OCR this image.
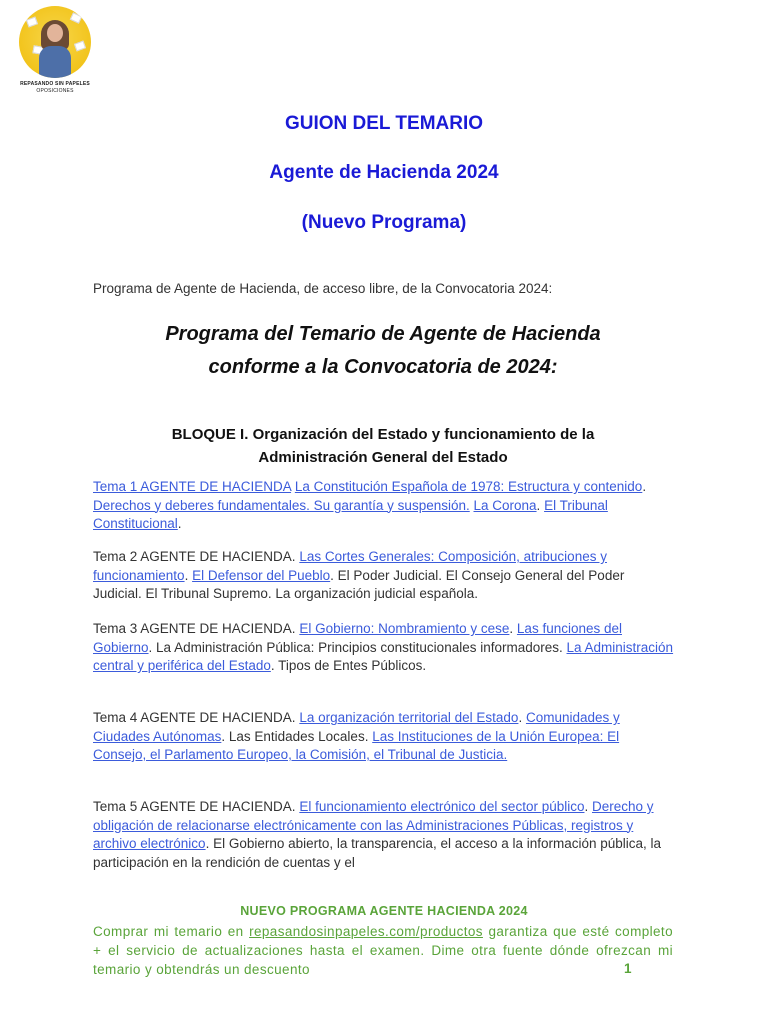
REPASANDO SIN PAPELES
OPOSICIONES
GUION DEL TEMARIO
Agente de Hacienda 2024
(Nuevo Programa)
Programa de Agente de Hacienda, de acceso libre, de la Convocatoria 2024:
Programa del Temario de Agente de Hacienda
conforme a la Convocatoria de 2024:
BLOQUE I. Organización del Estado y funcionamiento de la
Administración General del Estado
Tema 1 AGENTE DE HACIENDA La Constitución Española de 1978: Estructura y contenido. Derechos y deberes fundamentales. Su garantía y suspensión. La Corona. El Tribunal Constitucional.
Tema 2 AGENTE DE HACIENDA. Las Cortes Generales: Composición, atribuciones y funcionamiento. El Defensor del Pueblo. El Poder Judicial. El Consejo General del Poder Judicial. El Tribunal Supremo. La organización judicial española.
Tema 3 AGENTE DE HACIENDA. El Gobierno: Nombramiento y cese. Las funciones del Gobierno. La Administración Pública: Principios constitucionales informadores. La Administración central y periférica del Estado. Tipos de Entes Públicos.
Tema 4 AGENTE DE HACIENDA. La organización territorial del Estado. Comunidades y Ciudades Autónomas. Las Entidades Locales. Las Instituciones de la Unión Europea: El Consejo, el Parlamento Europeo, la Comisión, el Tribunal de Justicia.
Tema 5 AGENTE DE HACIENDA. El funcionamiento electrónico del sector público. Derecho y obligación de relacionarse electrónicamente con las Administraciones Públicas, registros y archivo electrónico. El Gobierno abierto, la transparencia, el acceso a la información pública, la participación en la rendición de cuentas y el
NUEVO PROGRAMA AGENTE HACIENDA 2024
Comprar mi temario en repasandosinpapeles.com/productos garantiza que esté completo + el servicio de actualizaciones hasta el examen. Dime otra fuente dónde ofrezcan mi temario y obtendrás un descuento	1
